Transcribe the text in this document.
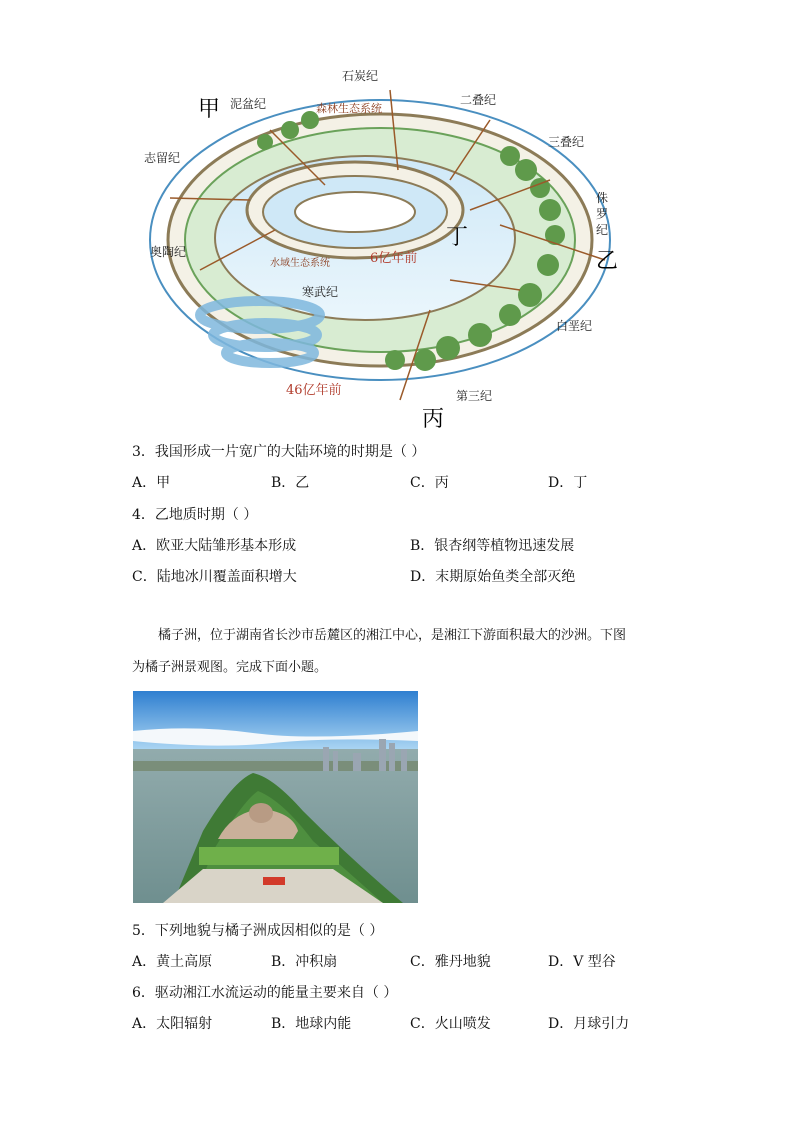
甲
乙
丙
丁
石炭纪
泥盆纪
志留纪
奥陶纪
寒武纪
二叠纪
三叠纪
白垩纪
第三纪
侏
罗
纪
森林生态系统
水域生态系统	6亿年前
46亿年前
3．我国形成一片宽广的大陆环境的时期是（ ）
A．甲	B．乙	C．丙	D．丁
4．乙地质时期（ ）
A．欧亚大陆雏形基本形成	B．银杏纲等植物迅速发展
C．陆地冰川覆盖面积增大	D．末期原始鱼类全部灭绝
橘子洲，位于湖南省长沙市岳麓区的湘江中心，是湘江下游面积最大的沙洲。下图
为橘子洲景观图。完成下面小题。
5．下列地貌与橘子洲成因相似的是（ ）
A．黄土高原	B．冲积扇	C．雅丹地貌	D．V 型谷
6．驱动湘江水流运动的能量主要来自（ ）
A．太阳辐射	B．地球内能	C．火山喷发	D．月球引力
